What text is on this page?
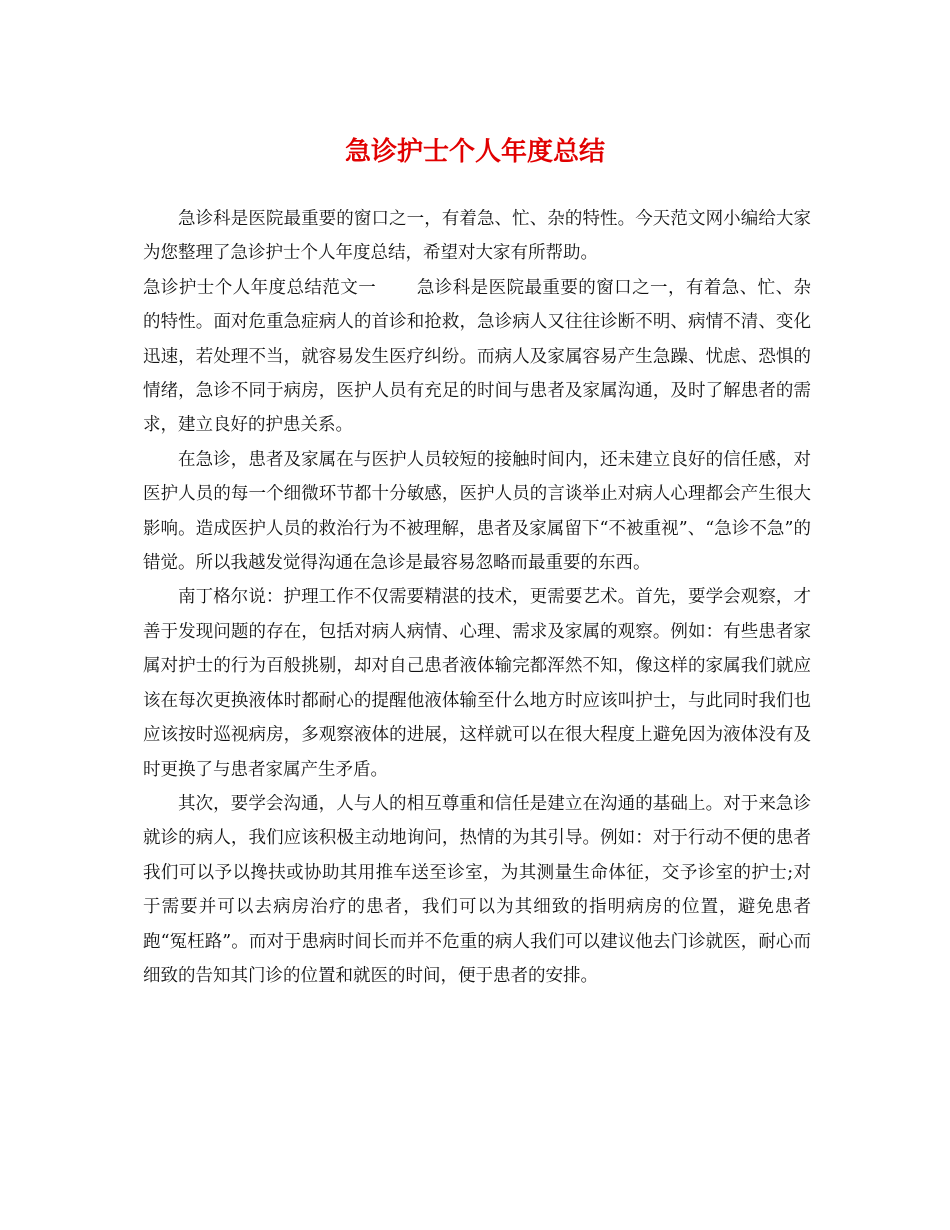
急诊护士个人年度总结

急诊科是医院最重要的窗口之一，有着急、忙、杂的特性。今天范文网小编给大家为您整理了急诊护士个人年度总结，希望对大家有所帮助。

急诊护士个人年度总结范文一 急诊科是医院最重要的窗口之一，有着急、忙、杂的特性。面对危重急症病人的首诊和抢救，急诊病人又往往诊断不明、病情不清、变化迅速，若处理不当，就容易发生医疗纠纷。而病人及家属容易产生急躁、忧虑、恐惧的情绪，急诊不同于病房，医护人员有充足的时间与患者及家属沟通，及时了解患者的需求，建立良好的护患关系。

在急诊，患者及家属在与医护人员较短的接触时间内，还未建立良好的信任感，对医护人员的每一个细微环节都十分敏感，医护人员的言谈举止对病人心理都会产生很大影响。造成医护人员的救治行为不被理解，患者及家属留下“不被重视”、“急诊不急”的错觉。所以我越发觉得沟通在急诊是最容易忽略而最重要的东西。

南丁格尔说：护理工作不仅需要精湛的技术，更需要艺术。首先，要学会观察，才善于发现问题的存在，包括对病人病情、心理、需求及家属的观察。例如：有些患者家属对护士的行为百般挑剔，却对自己患者液体输完都浑然不知，像这样的家属我们就应该在每次更换液体时都耐心的提醒他液体输至什么地方时应该叫护士，与此同时我们也应该按时巡视病房，多观察液体的进展，这样就可以在很大程度上避免因为液体没有及时更换了与患者家属产生矛盾。

其次，要学会沟通，人与人的相互尊重和信任是建立在沟通的基础上。对于来急诊就诊的病人，我们应该积极主动地询问，热情的为其引导。例如：对于行动不便的患者我们可以予以搀扶或协助其用推车送至诊室，为其测量生命体征，交予诊室的护士;对于需要并可以去病房治疗的患者，我们可以为其细致的指明病房的位置，避免患者跑“冤枉路”。而对于患病时间长而并不危重的病人我们可以建议他去门诊就医，耐心而细致的告知其门诊的位置和就医的时间，便于患者的安排。
